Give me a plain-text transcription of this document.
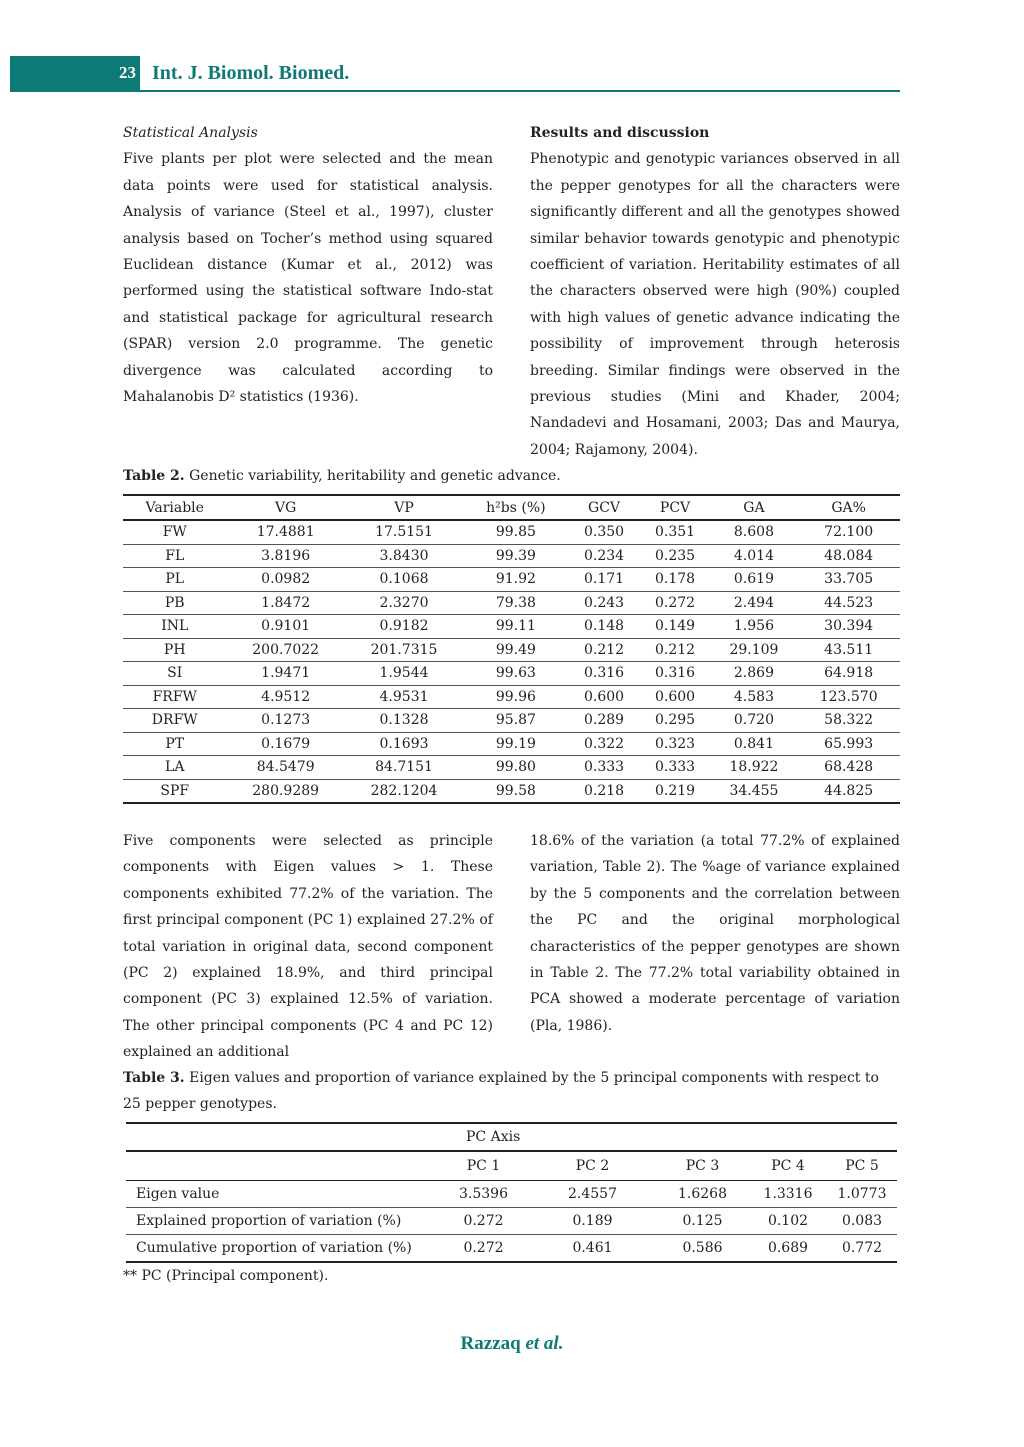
23 Int. J. Biomol. Biomed.
Statistical Analysis

Five plants per plot were selected and the mean data points were used for statistical analysis. Analysis of variance (Steel et al., 1997), cluster analysis based on Tocher’s method using squared Euclidean distance (Kumar et al., 2012) was performed using the statistical software Indo-stat and statistical package for agricultural research (SPAR) version 2.0 programme. The genetic divergence was calculated according to Mahalanobis D² statistics (1936).

Results and discussion

Phenotypic and genotypic variances observed in all the pepper genotypes for all the characters were significantly different and all the genotypes showed similar behavior towards genotypic and phenotypic coefficient of variation. Heritability estimates of all the characters observed were high (90%) coupled with high values of genetic advance indicating the possibility of improvement through heterosis breeding. Similar findings were observed in the previous studies (Mini and Khader, 2004; Nandadevi and Hosamani, 2003; Das and Maurya, 2004; Rajamony, 2004).

Table 2. Genetic variability, heritability and genetic advance.
Variable	VG	VP	h²bs (%)	GCV	PCV	GA	GA%
FW	17.4881	17.5151	99.85	0.350	0.351	8.608	72.100
FL	3.8196	3.8430	99.39	0.234	0.235	4.014	48.084
PL	0.0982	0.1068	91.92	0.171	0.178	0.619	33.705
PB	1.8472	2.3270	79.38	0.243	0.272	2.494	44.523
INL	0.9101	0.9182	99.11	0.148	0.149	1.956	30.394
PH	200.7022	201.7315	99.49	0.212	0.212	29.109	43.511
SI	1.9471	1.9544	99.63	0.316	0.316	2.869	64.918
FRFW	4.9512	4.9531	99.96	0.600	0.600	4.583	123.570
DRFW	0.1273	0.1328	95.87	0.289	0.295	0.720	58.322
PT	0.1679	0.1693	99.19	0.322	0.323	0.841	65.993
LA	84.5479	84.7151	99.80	0.333	0.333	18.922	68.428
SPF	280.9289	282.1204	99.58	0.218	0.219	34.455	44.825

Five components were selected as principle components with Eigen values > 1. These components exhibited 77.2% of the variation. The first principal component (PC 1) explained 27.2% of total variation in original data, second component (PC 2) explained 18.9%, and third principal component (PC 3) explained 12.5% of variation. The other principal components (PC 4 and PC 12) explained an additional

18.6% of the variation (a total 77.2% of explained variation, Table 2). The %age of variance explained by the 5 components and the correlation between the PC and the original morphological characteristics of the pepper genotypes are shown in Table 2. The 77.2% total variability obtained in PCA showed a moderate percentage of variation (Pla, 1986).

Table 3. Eigen values and proportion of variance explained by the 5 principal components with respect to 25 pepper genotypes.
	PC Axis				
	PC 1	PC 2	PC 3	PC 4	PC 5
Eigen value	3.5396	2.4557	1.6268	1.3316	1.0773
Explained proportion of variation (%)	0.272	0.189	0.125	0.102	0.083
Cumulative proportion of variation (%)	0.272	0.461	0.586	0.689	0.772
** PC (Principal component).
Razzaq et al.
